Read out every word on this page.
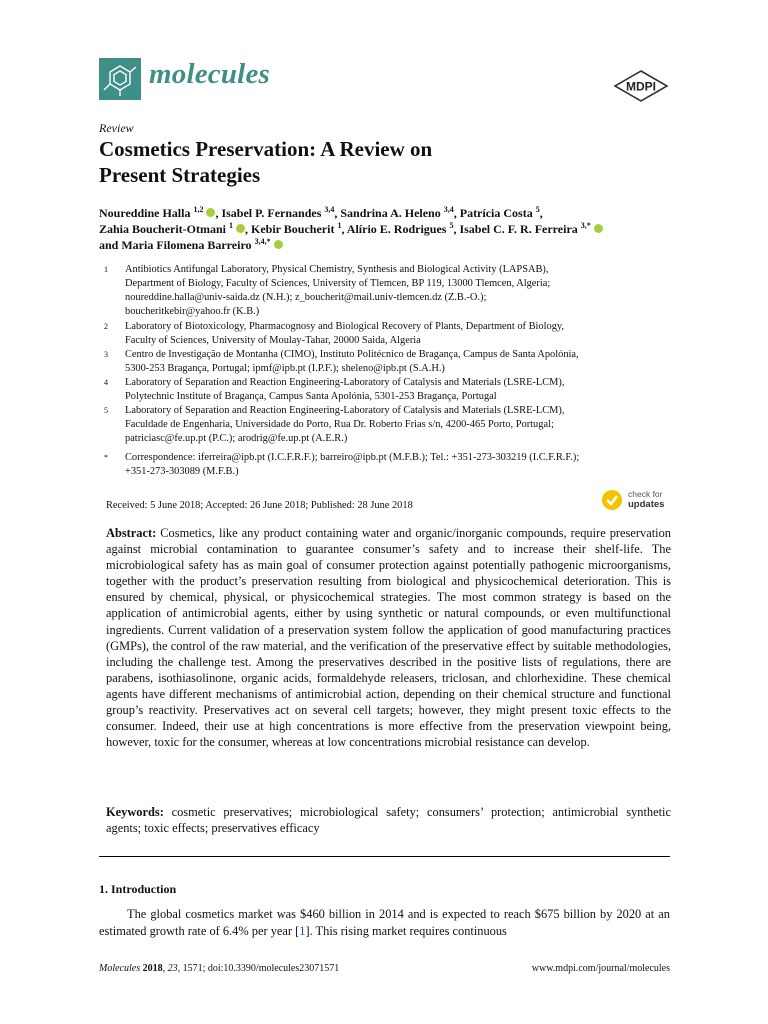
molecules	MDPI
Review
Cosmetics Preservation: A Review on
Present Strategies
Noureddine Halla $^{1,2}$ , Isabel P. Fernandes $^{3,4}$, Sandrina A. Heleno $^{3,4}$, Patrícia Costa $^5$,
Zahia Boucherit-Otmani $^1$ , Kebir Boucherit $^1$, Alírio E. Rodrigues $^5$, Isabel C. F. R. Ferreira $^{3,*}$
and Maria Filomena Barreiro $^{3,4,*}$
1 Antibiotics Antifungal Laboratory, Physical Chemistry, Synthesis and Biological Activity (LAPSAB),
Department of Biology, Faculty of Sciences, University of Tlemcen, BP 119, 13000 Tlemcen, Algeria;
noureddine.halla@univ-saida.dz (N.H.); z_boucherit@mail.univ-tlemcen.dz (Z.B.-O.);
boucheritkebir@yahoo.fr (K.B.)
2 Laboratory of Biotoxicology, Pharmacognosy and Biological Recovery of Plants, Department of Biology,
Faculty of Sciences, University of Moulay-Tahar, 20000 Saida, Algeria
3 Centro de Investigação de Montanha (CIMO), Instituto Politécnico de Bragança, Campus de Santa Apolónia,
5300-253 Bragança, Portugal; ipmf@ipb.pt (I.P.F.); sheleno@ipb.pt (S.A.H.)
4 Laboratory of Separation and Reaction Engineering-Laboratory of Catalysis and Materials (LSRE-LCM),
Polytechnic Institute of Bragança, Campus Santa Apolónia, 5301-253 Bragança, Portugal
5 Laboratory of Separation and Reaction Engineering-Laboratory of Catalysis and Materials (LSRE-LCM),
Faculdade de Engenharia, Universidade do Porto, Rua Dr. Roberto Frias s/n, 4200-465 Porto, Portugal;
patriciasc@fe.up.pt (P.C.); arodrig@fe.up.pt (A.E.R.)
* Correspondence: iferreira@ipb.pt (I.C.F.R.F.); barreiro@ipb.pt (M.F.B.); Tel.: +351-273-303219 (I.C.F.R.F.);
+351-273-303089 (M.F.B.)
Received: 5 June 2018; Accepted: 26 June 2018; Published: 28 June 2018
check for
updates
Abstract: Cosmetics, like any product containing water and organic/inorganic compounds, require preservation against microbial contamination to guarantee consumer’s safety and to increase their shelf-life. The microbiological safety has as main goal of consumer protection against potentially pathogenic microorganisms, together with the product’s preservation resulting from biological and physicochemical deterioration. This is ensured by chemical, physical, or physicochemical strategies. The most common strategy is based on the application of antimicrobial agents, either by using synthetic or natural compounds, or even multifunctional ingredients. Current validation of a preservation system follow the application of good manufacturing practices (GMPs), the control of the raw material, and the verification of the preservative effect by suitable methodologies, including the challenge test. Among the preservatives described in the positive lists of regulations, there are parabens, isothiasolinone, organic acids, formaldehyde releasers, triclosan, and chlorhexidine. These chemical agents have different mechanisms of antimicrobial action, depending on their chemical structure and functional group’s reactivity. Preservatives act on several cell targets; however, they might present toxic effects to the consumer. Indeed, their use at high concentrations is more effective from the preservation viewpoint being, however, toxic for the consumer, whereas at low concentrations microbial resistance can develop.
Keywords: cosmetic preservatives; microbiological safety; consumers’ protection; antimicrobial synthetic agents; toxic effects; preservatives efficacy
1. Introduction
The global cosmetics market was $460 billion in 2014 and is expected to reach $675 billion by 2020 at an estimated growth rate of 6.4% per year [1]. This rising market requires continuous
Molecules 2018, 23, 1571; doi:10.3390/molecules23071571	www.mdpi.com/journal/molecules
